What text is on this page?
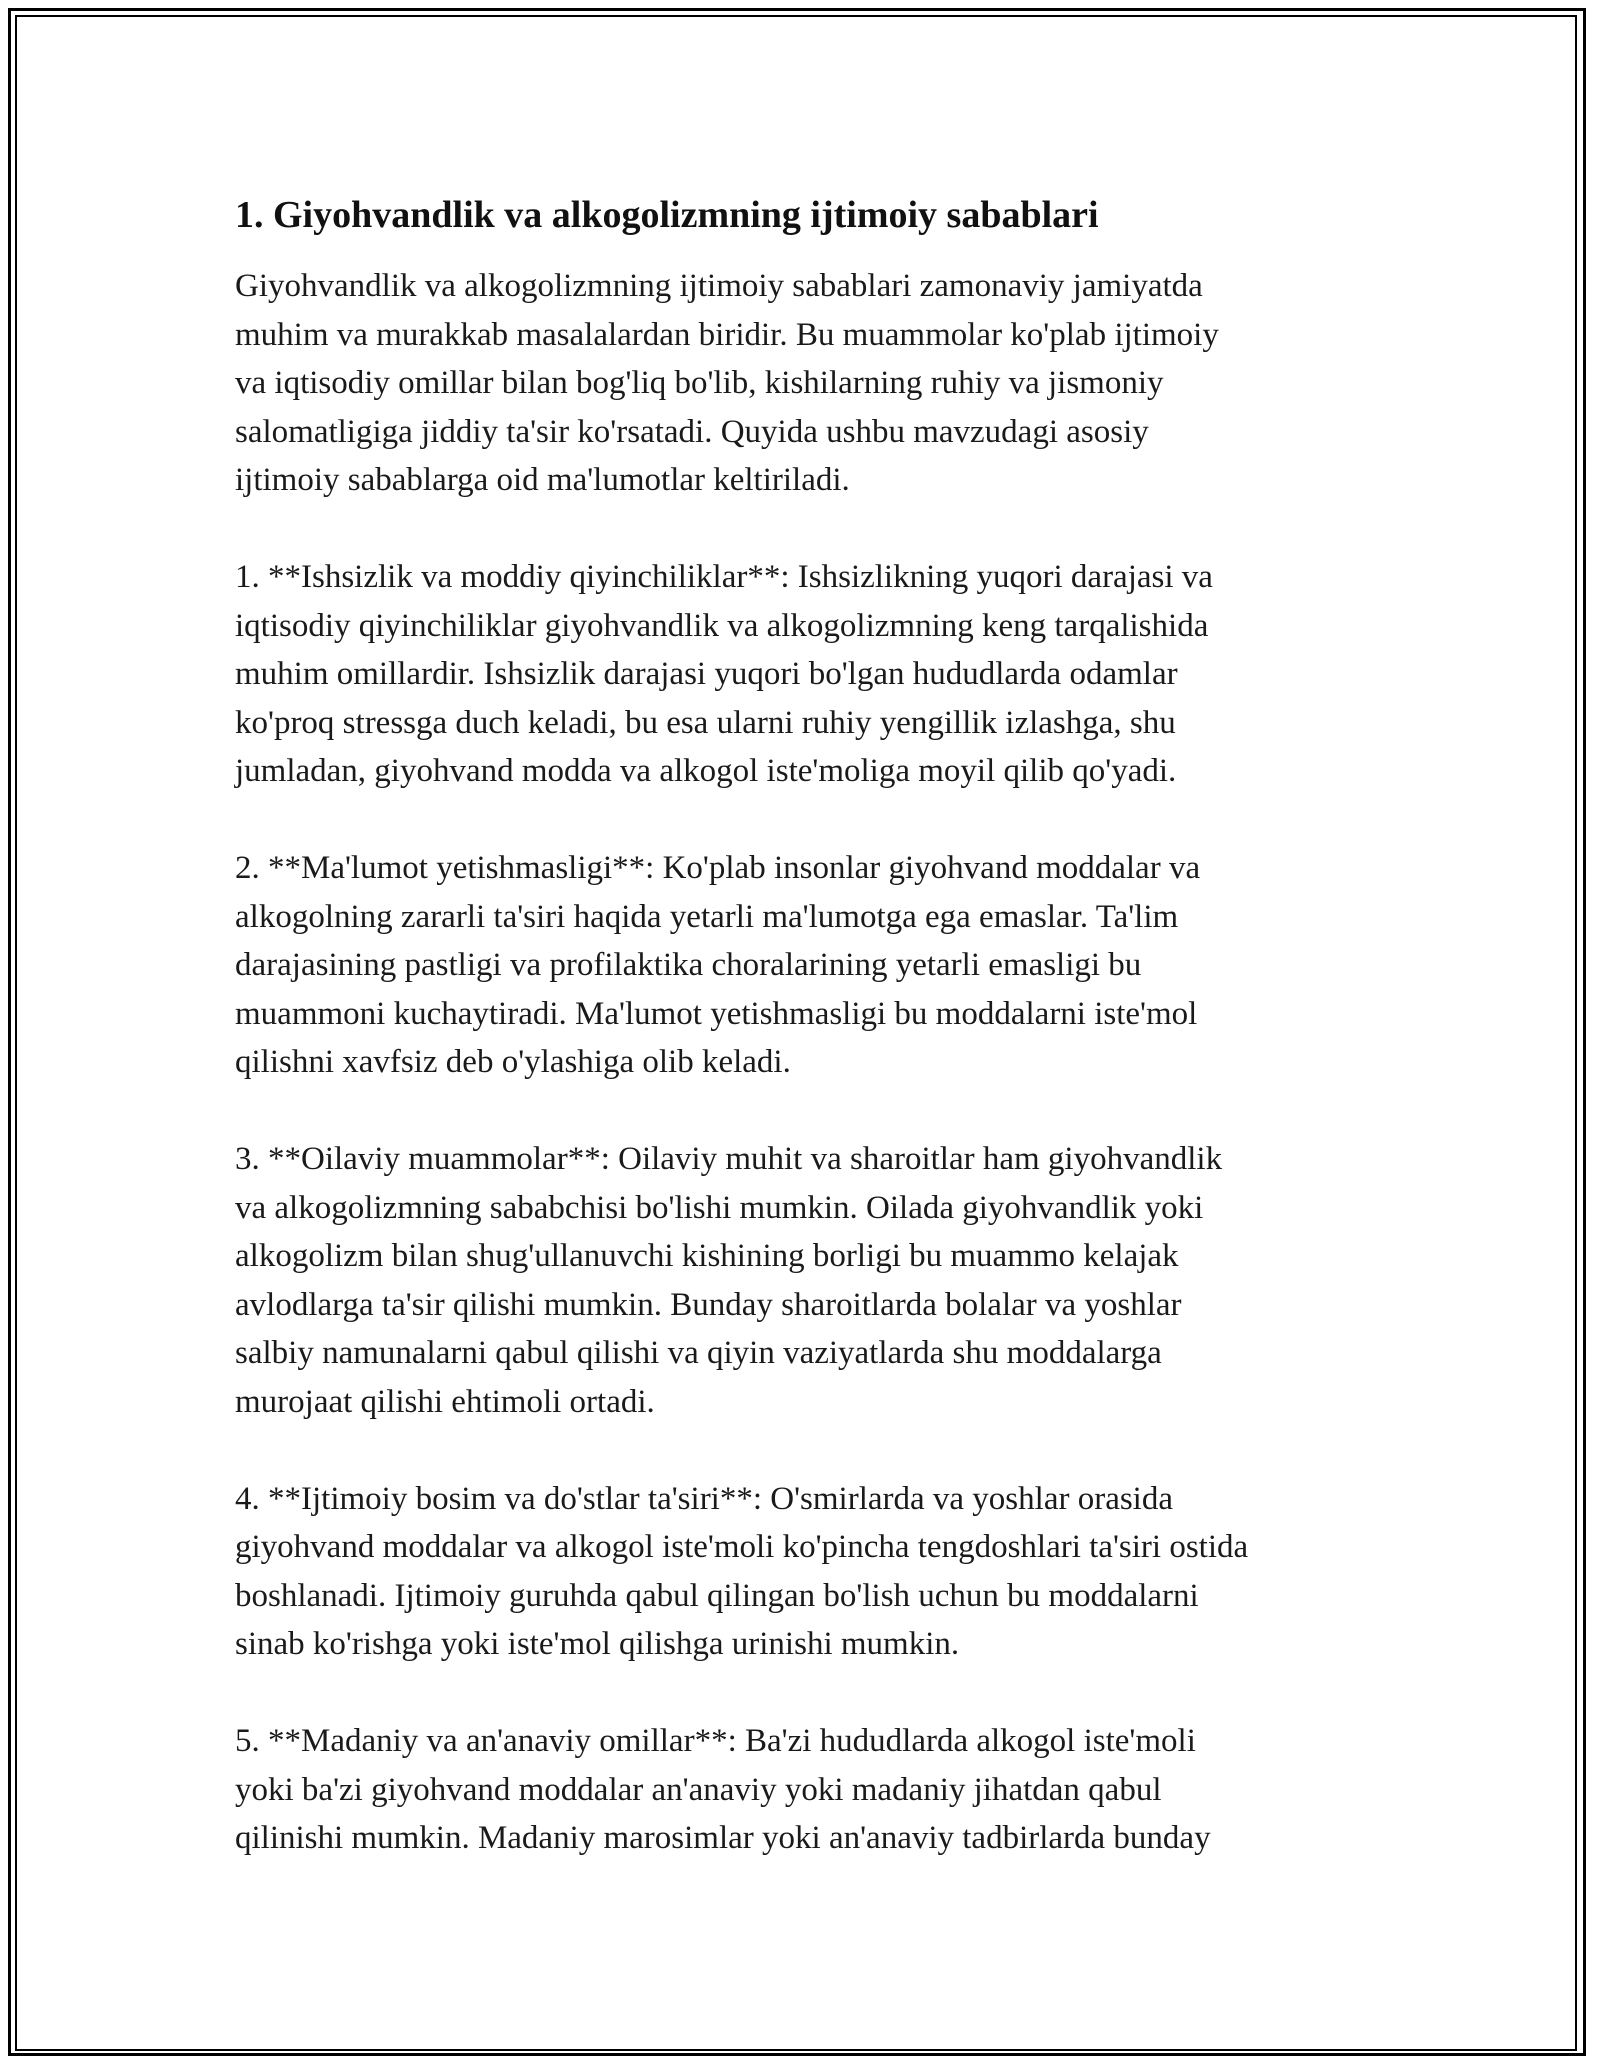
1. Giyohvandlik va alkogolizmning ijtimoiy sabablari

Giyohvandlik va alkogolizmning ijtimoiy sabablari zamonaviy jamiyatda
muhim va murakkab masalalardan biridir. Bu muammolar ko'plab ijtimoiy
va iqtisodiy omillar bilan bog'liq bo'lib, kishilarning ruhiy va jismoniy
salomatligiga jiddiy ta'sir ko'rsatadi. Quyida ushbu mavzudagi asosiy
ijtimoiy sabablarga oid ma'lumotlar keltiriladi.

1. **Ishsizlik va moddiy qiyinchiliklar**: Ishsizlikning yuqori darajasi va
iqtisodiy qiyinchiliklar giyohvandlik va alkogolizmning keng tarqalishida
muhim omillardir. Ishsizlik darajasi yuqori bo'lgan hududlarda odamlar
ko'proq stressga duch keladi, bu esa ularni ruhiy yengillik izlashga, shu
jumladan, giyohvand modda va alkogol iste'moliga moyil qilib qo'yadi.

2. **Ma'lumot yetishmasligi**: Ko'plab insonlar giyohvand moddalar va
alkogolning zararli ta'siri haqida yetarli ma'lumotga ega emaslar. Ta'lim
darajasining pastligi va profilaktika choralarining yetarli emasligi bu
muammoni kuchaytiradi. Ma'lumot yetishmasligi bu moddalarni iste'mol
qilishni xavfsiz deb o'ylashiga olib keladi.

3. **Oilaviy muammolar**: Oilaviy muhit va sharoitlar ham giyohvandlik
va alkogolizmning sababchisi bo'lishi mumkin. Oilada giyohvandlik yoki
alkogolizm bilan shug'ullanuvchi kishining borligi bu muammo kelajak
avlodlarga ta'sir qilishi mumkin. Bunday sharoitlarda bolalar va yoshlar
salbiy namunalarni qabul qilishi va qiyin vaziyatlarda shu moddalarga
murojaat qilishi ehtimoli ortadi.

4. **Ijtimoiy bosim va do'stlar ta'siri**: O'smirlarda va yoshlar orasida
giyohvand moddalar va alkogol iste'moli ko'pincha tengdoshlari ta'siri ostida
boshlanadi. Ijtimoiy guruhda qabul qilingan bo'lish uchun bu moddalarni
sinab ko'rishga yoki iste'mol qilishga urinishi mumkin.

5. **Madaniy va an'anaviy omillar**: Ba'zi hududlarda alkogol iste'moli
yoki ba'zi giyohvand moddalar an'anaviy yoki madaniy jihatdan qabul
qilinishi mumkin. Madaniy marosimlar yoki an'anaviy tadbirlarda bunday
